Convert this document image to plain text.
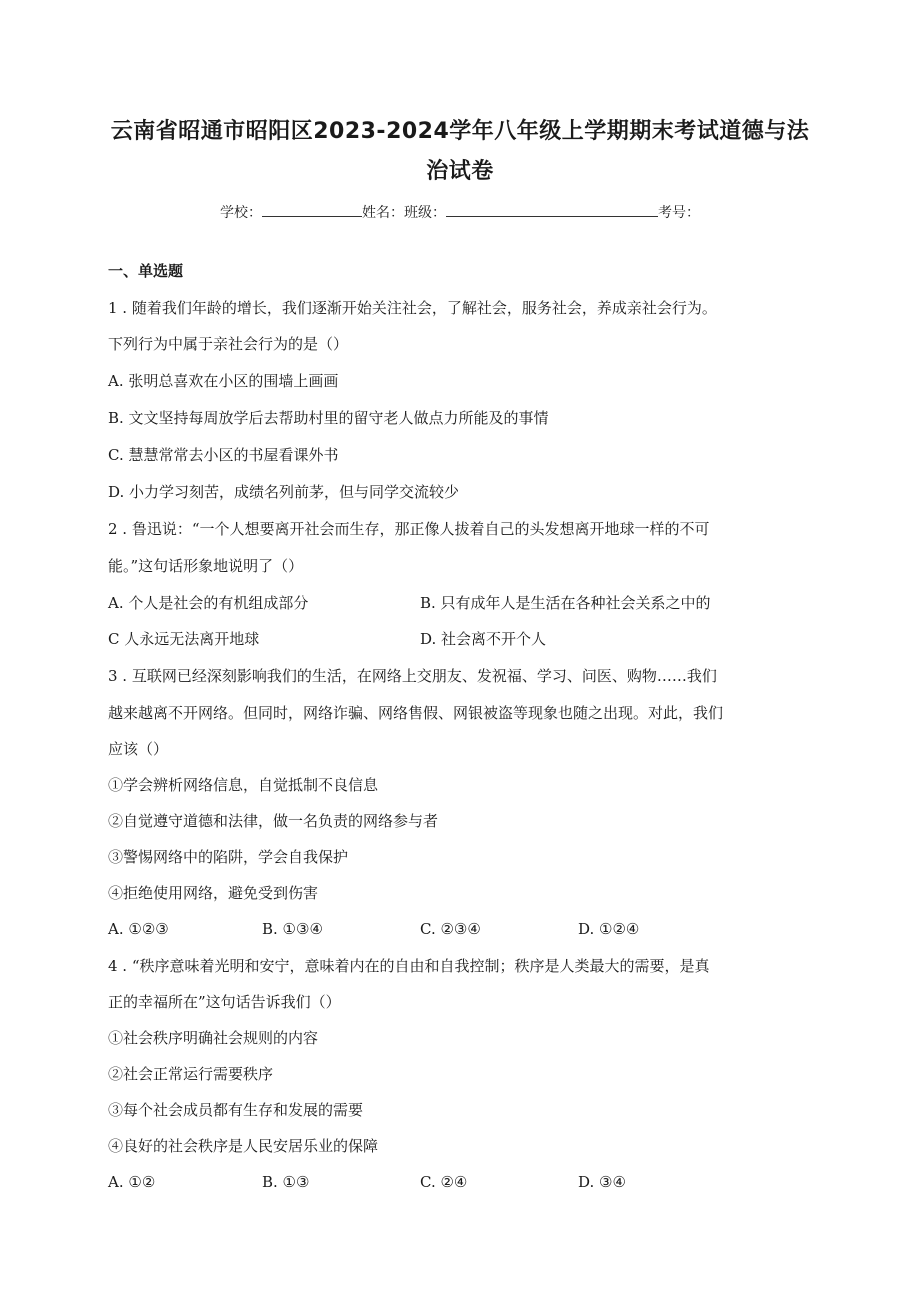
云南省昭通市昭阳区2023-2024学年八年级上学期期末考试道德与法治试卷
学校：	姓名：班级：	考号：
一、单选题
1 . 随着我们年龄的增长，我们逐渐开始关注社会，了解社会，服务社会，养成亲社会行为。
下列行为中属于亲社会行为的是（）
A. 张明总喜欢在小区的围墙上画画
B. 文文坚持每周放学后去帮助村里的留守老人做点力所能及的事情
C. 慧慧常常去小区的书屋看课外书
D. 小力学习刻苦，成绩名列前茅，但与同学交流较少
2 . 鲁迅说：“一个人想要离开社会而生存，那正像人拔着自己的头发想离开地球一样的不可
能。”这句话形象地说明了（）
A. 个人是社会的有机组成部分	B. 只有成年人是生活在各种社会关系之中的
C 人永远无法离开地球	D. 社会离不开个人
3 . 互联网已经深刻影响我们的生活，在网络上交朋友、发祝福、学习、问医、购物……我们
越来越离不开网络。但同时，网络诈骗、网络售假、网银被盗等现象也随之出现。对此，我们
应该（）
①学会辨析网络信息，自觉抵制不良信息
②自觉遵守道德和法律，做一名负责的网络参与者
③警惕网络中的陷阱，学会自我保护
④拒绝使用网络，避免受到伤害
A. ①②③	B. ①③④	C. ②③④	D. ①②④
4 . “秩序意味着光明和安宁，意味着内在的自由和自我控制；秩序是人类最大的需要，是真
正的幸福所在”这句话告诉我们（）
①社会秩序明确社会规则的内容
②社会正常运行需要秩序
③每个社会成员都有生存和发展的需要
④良好的社会秩序是人民安居乐业的保障
A. ①②	B. ①③	C. ②④	D. ③④
